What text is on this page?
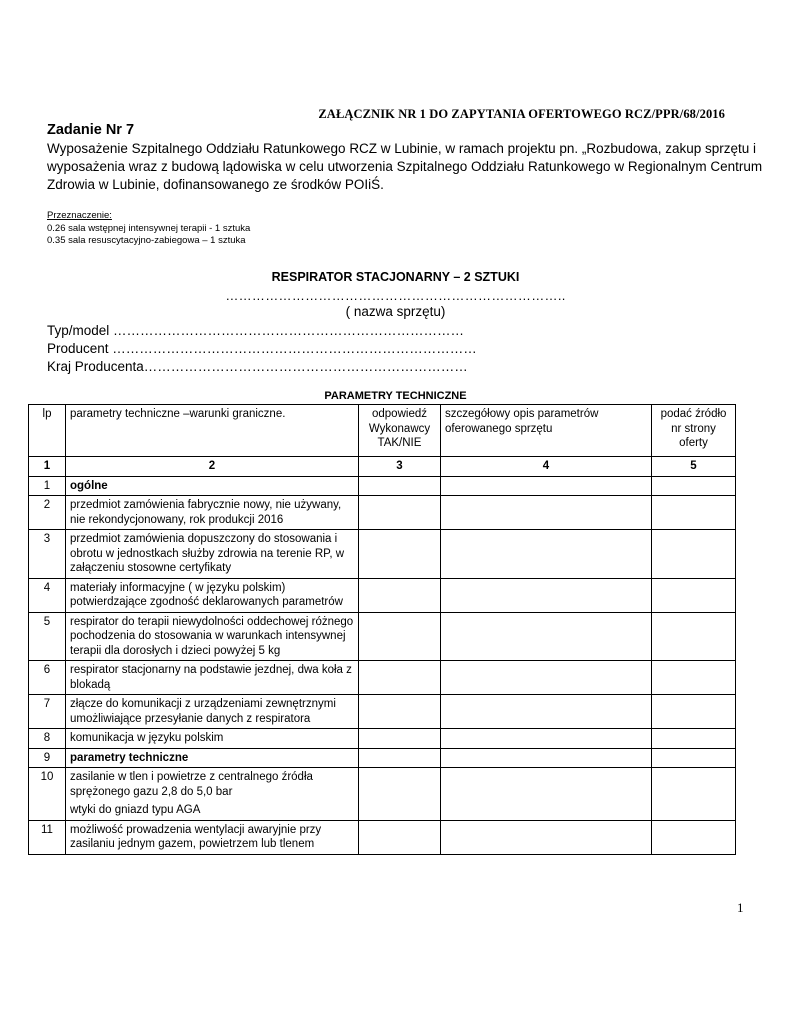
ZAŁĄCZNIK NR 1 DO ZAPYTANIA OFERTOWEGO RCZ/PPR/68/2016
Zadanie Nr 7
Wyposażenie Szpitalnego Oddziału Ratunkowego RCZ w Lubinie, w ramach projektu pn. „Rozbudowa, zakup sprzętu i wyposażenia wraz z budową lądowiska w celu utworzenia Szpitalnego Oddziału Ratunkowego w Regionalnym Centrum Zdrowia w Lubinie, dofinansowanego ze środków POIiŚ.
Przeznaczenie:
0.26 sala wstępnej intensywnej terapii - 1 sztuka
0.35 sala resuscytacyjno-zabiegowa – 1 sztuka
RESPIRATOR STACJONARNY – 2 SZTUKI
…………………………………………………………………..
( nazwa sprzętu)
Typ/model ……………………………………………………………………
Producent ………………………………………………………………………
Kraj Producenta………………………………………………………………
PARAMETRY TECHNICZNE
lp	parametry techniczne –warunki graniczne.	odpowiedź Wykonawcy TAK/NIE	szczegółowy opis parametrów oferowanego sprzętu	podać źródło nr strony oferty
1	2	3	4	5
1	ogólne			
2	przedmiot zamówienia fabrycznie nowy, nie używany, nie rekondycjonowany, rok produkcji 2016			
3	przedmiot zamówienia dopuszczony do stosowania i obrotu w jednostkach służby zdrowia na terenie RP, w załączeniu stosowne certyfikaty			
4	materiały informacyjne ( w języku polskim) potwierdzające zgodność deklarowanych parametrów			
5	respirator do terapii niewydolności oddechowej różnego pochodzenia do stosowania w warunkach intensywnej terapii dla dorosłych i dzieci powyżej 5 kg			
6	respirator stacjonarny na podstawie jezdnej, dwa koła z blokadą			
7	złącze do komunikacji z urządzeniami zewnętrznymi umożliwiające przesyłanie danych z respiratora			
8	komunikacja w języku polskim			
9	parametry techniczne			
10	zasilanie w tlen i powietrze z centralnego źródła sprężonego gazu 2,8 do 5,0 bar
wtyki do gniazd typu AGA			

11	możliwość prowadzenia wentylacji awaryjnie przy zasilaniu jednym gazem, powietrzem lub tlenem			
1
